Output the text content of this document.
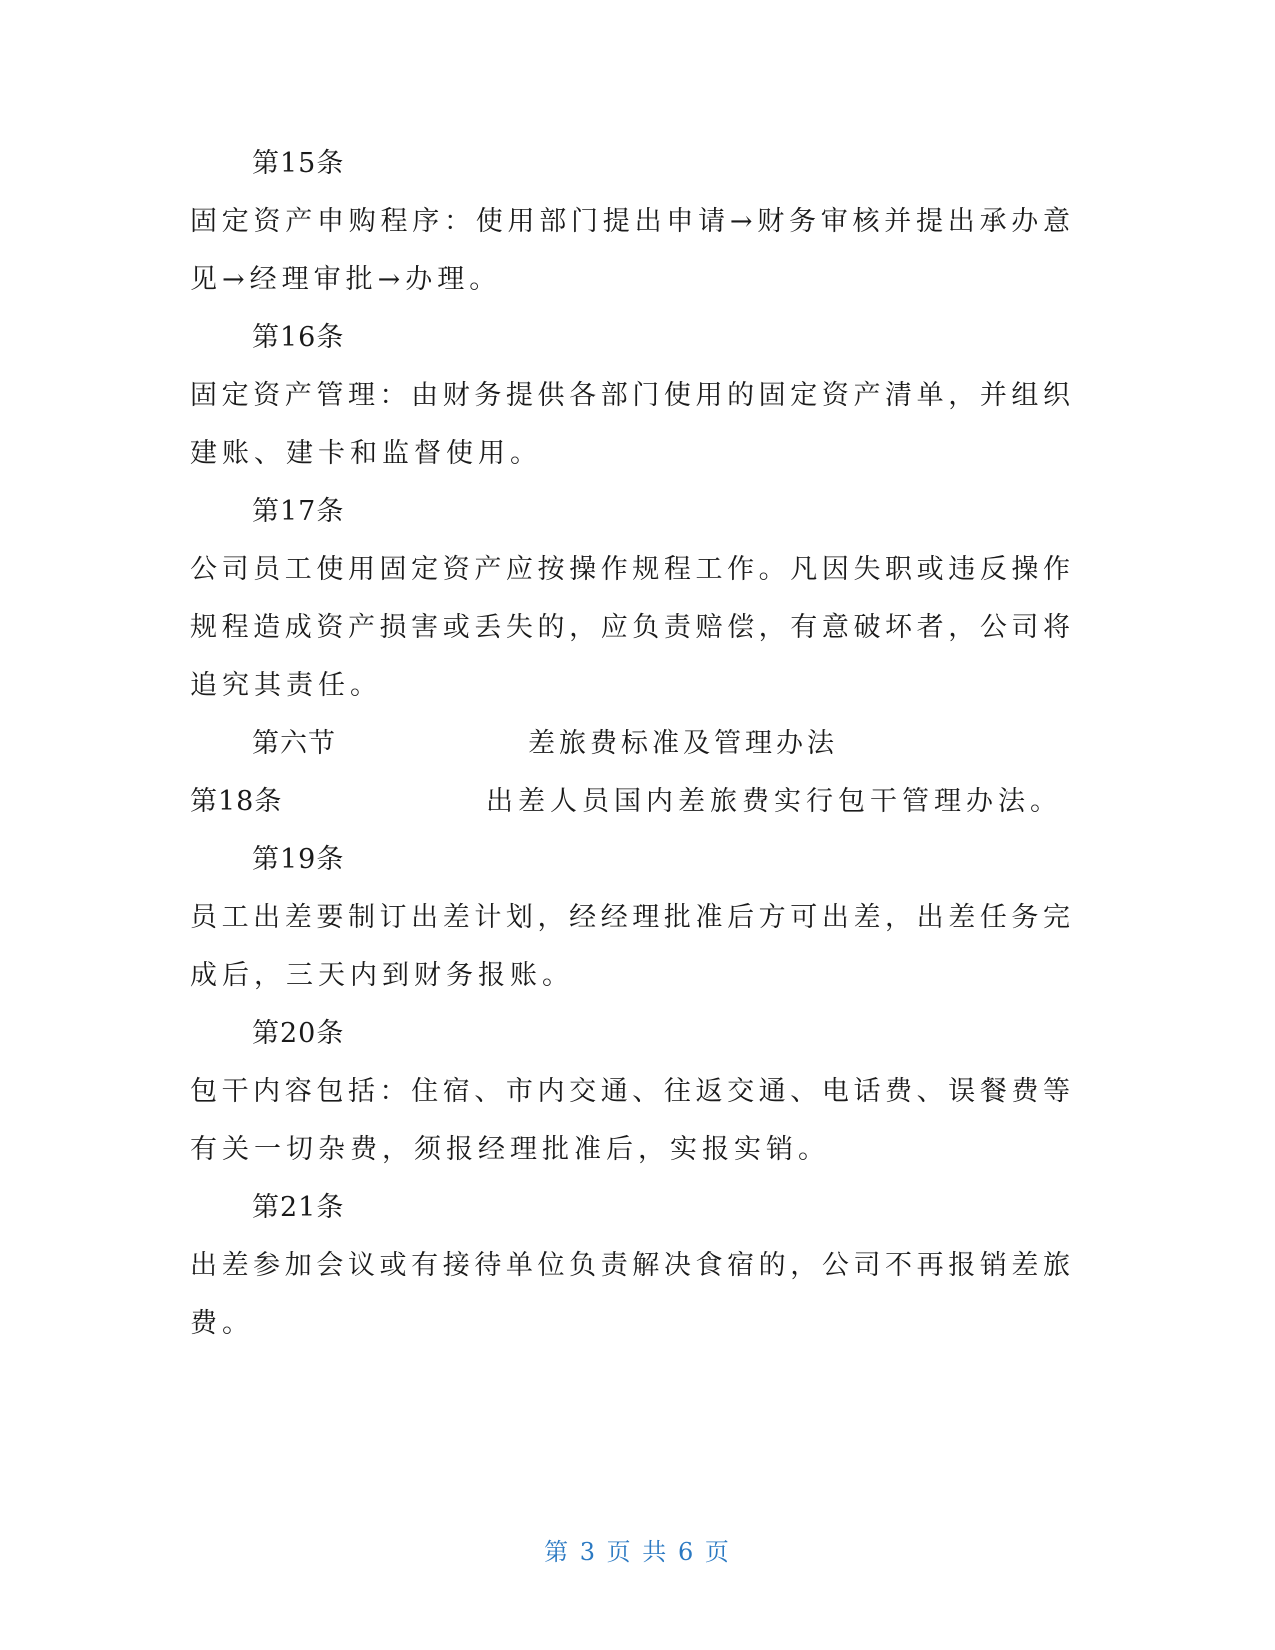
第15条
固定资产申购程序：使用部门提出申请→财务审核并提出承办意
见→经理审批→办理。
第16条
固定资产管理：由财务提供各部门使用的固定资产清单，并组织
建账、建卡和监督使用。
第17条
公司员工使用固定资产应按操作规程工作。凡因失职或违反操作
规程造成资产损害或丢失的，应负责赔偿，有意破坏者，公司将
追究其责任。
第六节	差旅费标准及管理办法
第18条	出差人员国内差旅费实行包干管理办法。
第19条
员工出差要制订出差计划，经经理批准后方可出差，出差任务完
成后，三天内到财务报账。
第20条
包干内容包括：住宿、市内交通、往返交通、电话费、误餐费等
有关一切杂费，须报经理批准后，实报实销。
第21条
出差参加会议或有接待单位负责解决食宿的，公司不再报销差旅
费。
第 3 页 共 6 页
